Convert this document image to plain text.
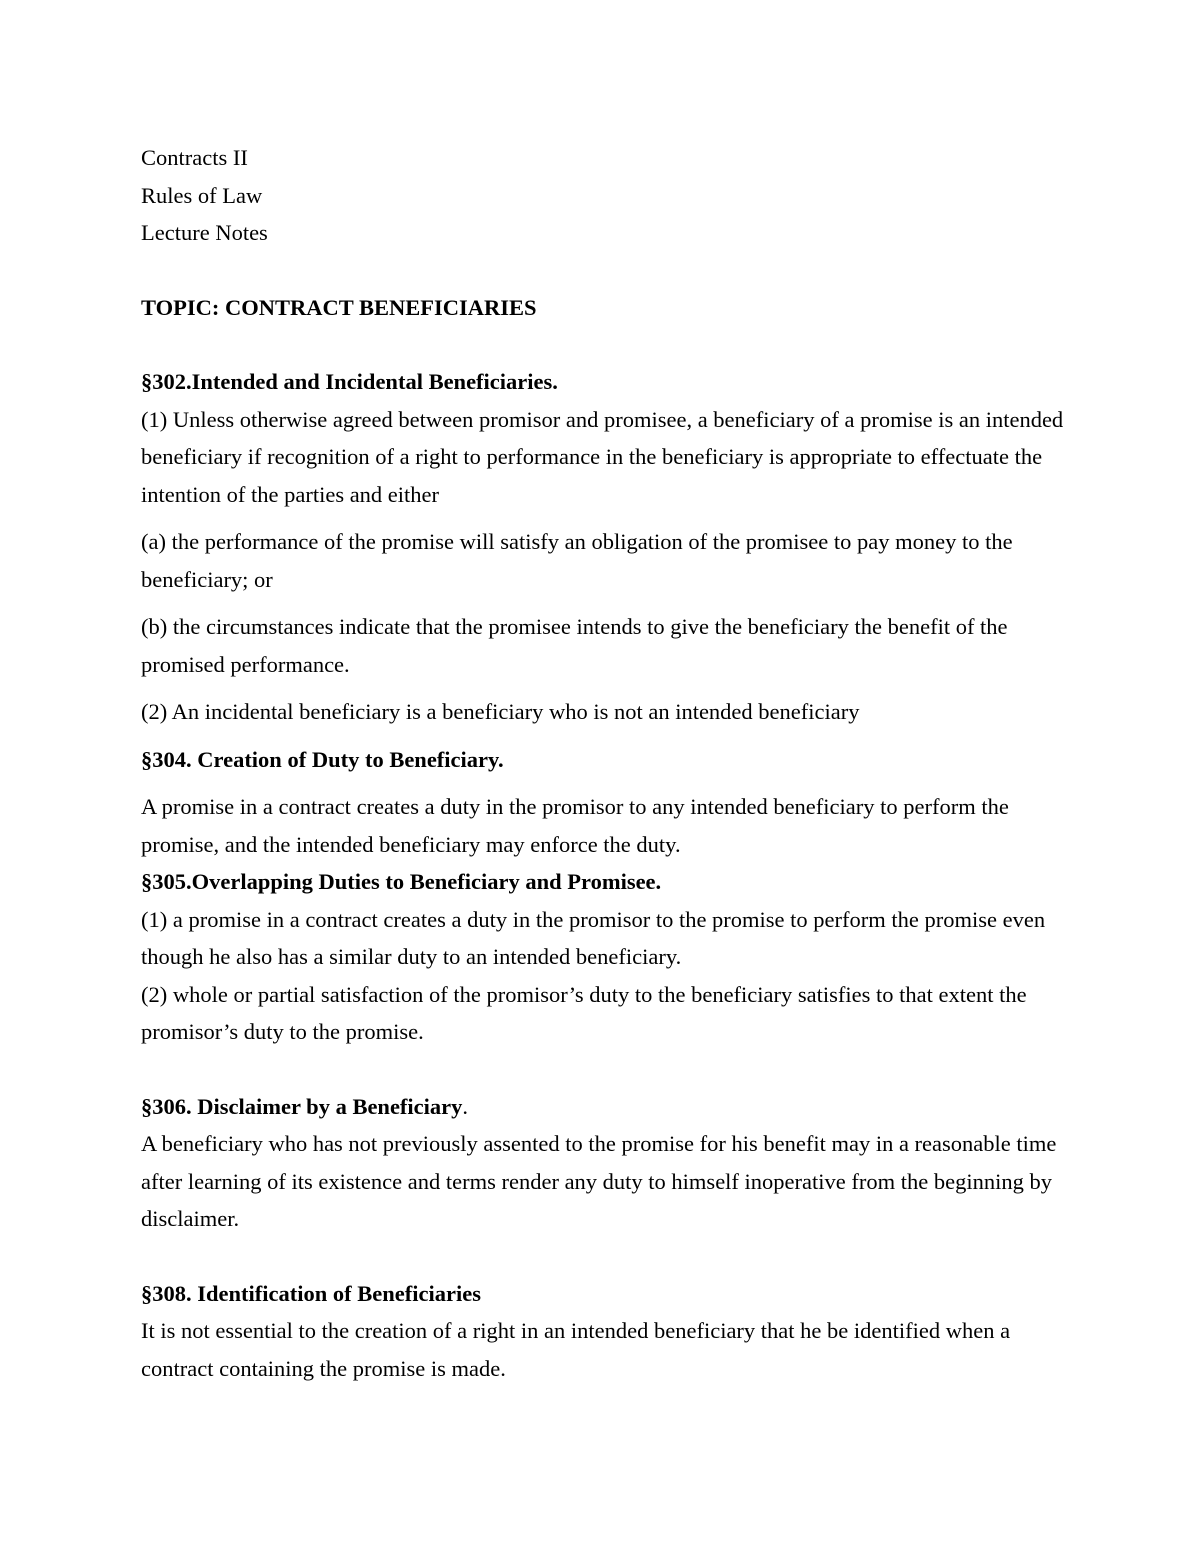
Contracts II
Rules of Law
Lecture Notes
TOPIC: CONTRACT BENEFICIARIES
§302.Intended and Incidental Beneficiaries.

(1) Unless otherwise agreed between promisor and promisee, a beneficiary of a promise is an intended beneficiary if recognition of a right to performance in the beneficiary is appropriate to effectuate the intention of the parties and either

(a) the performance of the promise will satisfy an obligation of the promisee to pay money to the beneficiary; or

(b) the circumstances indicate that the promisee intends to give the beneficiary the benefit of the promised performance.

(2) An incidental beneficiary is a beneficiary who is not an intended beneficiary

§304. Creation of Duty to Beneficiary.

A promise in a contract creates a duty in the promisor to any intended beneficiary to perform the promise, and the intended beneficiary may enforce the duty.

§305.Overlapping Duties to Beneficiary and Promisee.

(1) a promise in a contract creates a duty in the promisor to the promise to perform the promise even though he also has a similar duty to an intended beneficiary.

(2) whole or partial satisfaction of the promisor’s duty to the beneficiary satisfies to that extent the promisor’s duty to the promise.

§306. Disclaimer by a Beneficiary.

A beneficiary who has not previously assented to the promise for his benefit may in a reasonable time after learning of its existence and terms render any duty to himself inoperative from the beginning by disclaimer.

§308. Identification of Beneficiaries

It is not essential to the creation of a right in an intended beneficiary that he be identified when a contract containing the promise is made.
